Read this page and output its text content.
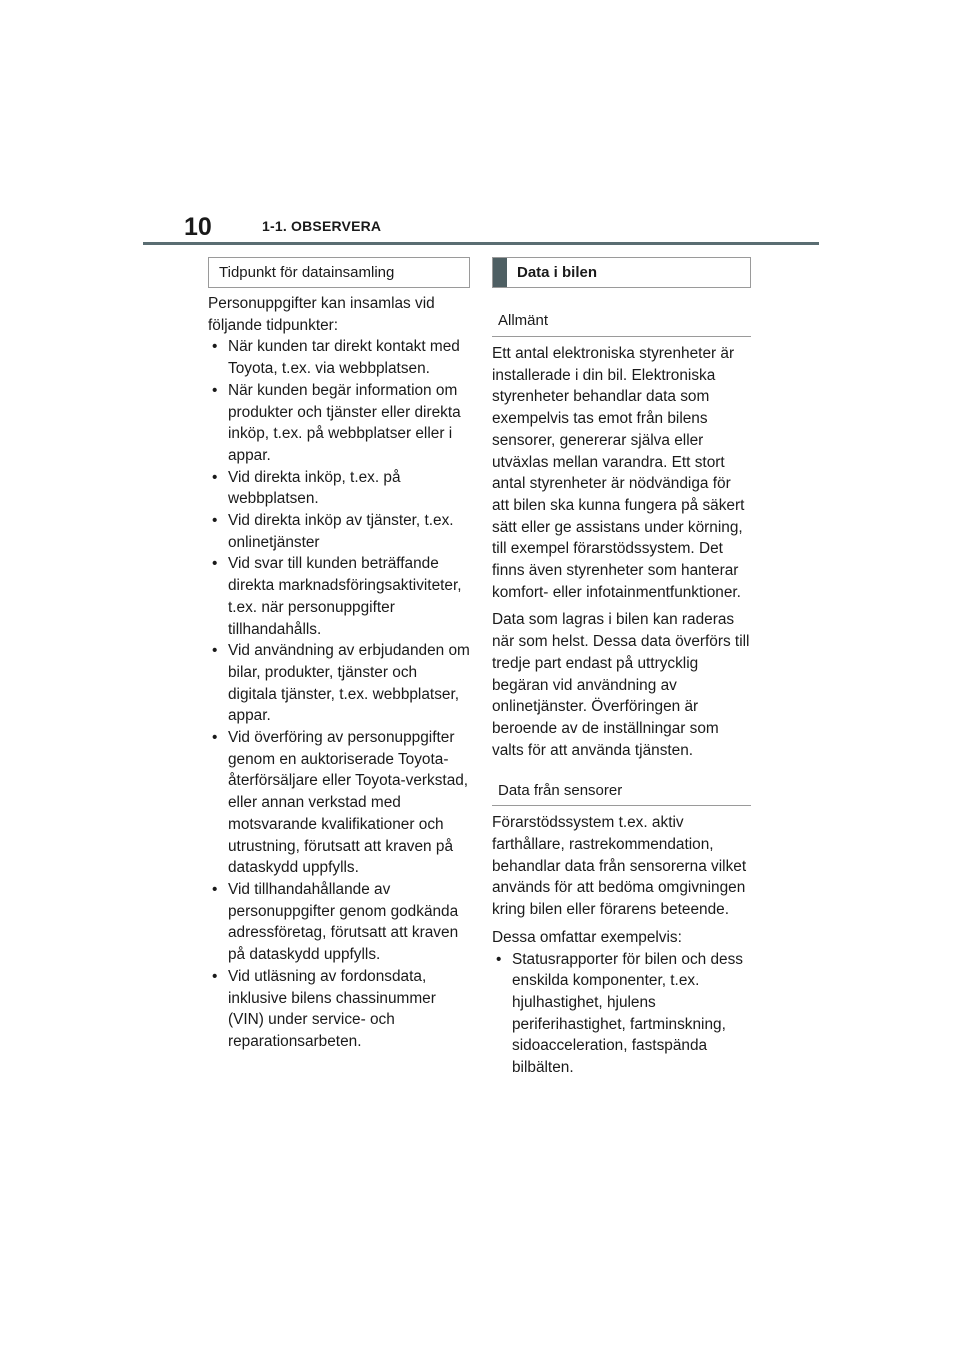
10	1-1. OBSERVERA
Tidpunkt för datainsamling

Personuppgifter kan insamlas vid följande tidpunkter:

• När kunden tar direkt kontakt med Toyota, t.ex. via webbplatsen.
• När kunden begär information om produkter och tjänster eller direkta inköp, t.ex. på webbplatser eller i appar.
• Vid direkta inköp, t.ex. på webbplatsen.
• Vid direkta inköp av tjänster, t.ex. onlinetjänster
• Vid svar till kunden beträffande direkta marknadsföringsaktiviteter, t.ex. när personuppgifter tillhandahålls.
• Vid användning av erbjudanden om bilar, produkter, tjänster och digitala tjänster, t.ex. webbplatser, appar.
• Vid överföring av personuppgifter genom en auktoriserade Toyota-återförsäljare eller Toyota-verkstad, eller annan verkstad med motsvarande kvalifikationer och utrustning, förutsatt att kraven på dataskydd uppfylls.
• Vid tillhandahållande av personuppgifter genom godkända adressföretag, förutsatt att kraven på dataskydd uppfylls.
• Vid utläsning av fordonsdata, inklusive bilens chassinummer (VIN) under service- och reparationsarbeten.
Data i bilen
Allmänt

Ett antal elektroniska styrenheter är installerade i din bil. Elektroniska styrenheter behandlar data som exempelvis tas emot från bilens sensorer, genererar själva eller utväxlas mellan varandra. Ett stort antal styrenheter är nödvändiga för att bilen ska kunna fungera på säkert sätt eller ge assistans under körning, till exempel förarstödssystem. Det finns även styrenheter som hanterar komfort- eller infotainmentfunktioner.

Data som lagras i bilen kan raderas när som helst. Dessa data överförs till tredje part endast på uttrycklig begäran vid användning av onlinetjänster. Överföringen är beroende av de inställningar som valts för att använda tjänsten.

Data från sensorer

Förarstödssystem t.ex. aktiv farthållare, rastrekommendation, behandlar data från sensorerna vilket används för att bedöma omgivningen kring bilen eller förarens beteende.

Dessa omfattar exempelvis:

• Statusrapporter för bilen och dess enskilda komponenter, t.ex. hjulhastighet, hjulens periferihastighet, fartminskning, sidoacceleration, fastspända bilbälten.
